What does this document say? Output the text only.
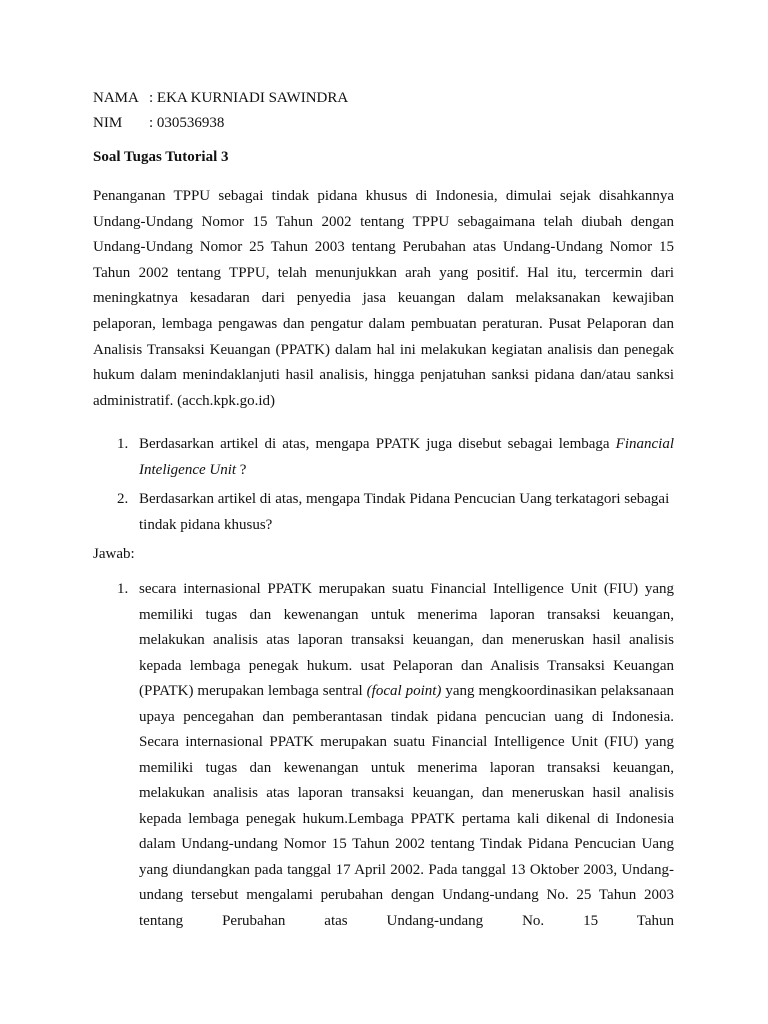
NAMA : EKA KURNIADI SAWINDRA
NIM	: 030536938
Soal Tugas Tutorial 3

Penanganan TPPU sebagai tindak pidana khusus di Indonesia, dimulai sejak disahkannya Undang-Undang Nomor 15 Tahun 2002 tentang TPPU sebagaimana telah diubah dengan Undang-Undang Nomor 25 Tahun 2003 tentang Perubahan atas Undang-Undang Nomor 15 Tahun 2002 tentang TPPU, telah menunjukkan arah yang positif. Hal itu, tercermin dari meningkatnya kesadaran dari penyedia jasa keuangan dalam melaksanakan kewajiban pelaporan, lembaga pengawas dan pengatur dalam pembuatan peraturan. Pusat Pelaporan dan Analisis Transaksi Keuangan (PPATK) dalam hal ini melakukan kegiatan analisis dan penegak hukum dalam menindaklanjuti hasil analisis, hingga penjatuhan sanksi pidana dan/atau sanksi administratif. (acch.kpk.go.id)

1. Berdasarkan artikel di atas, mengapa PPATK juga disebut sebagai lembaga Financial Inteligence Unit ?
2. Berdasarkan artikel di atas, mengapa Tindak Pidana Pencucian Uang terkatagori sebagai tindak pidana khusus?
Jawab:
1. secara internasional PPATK merupakan suatu Financial Intelligence Unit (FIU) yang memiliki tugas dan kewenangan untuk menerima laporan transaksi keuangan, melakukan analisis atas laporan transaksi keuangan, dan meneruskan hasil analisis kepada lembaga penegak hukum. usat Pelaporan dan Analisis Transaksi Keuangan (PPATK) merupakan lembaga sentral (focal point) yang mengkoordinasikan pelaksanaan upaya pencegahan dan pemberantasan tindak pidana pencucian uang di Indonesia. Secara internasional PPATK merupakan suatu Financial Intelligence Unit (FIU) yang memiliki tugas dan kewenangan untuk menerima laporan transaksi keuangan, melakukan analisis atas laporan transaksi keuangan, dan meneruskan hasil analisis kepada lembaga penegak hukum.Lembaga PPATK pertama kali dikenal di Indonesia dalam Undang-undang Nomor 15 Tahun 2002 tentang Tindak Pidana Pencucian Uang yang diundangkan pada tanggal 17 April 2002. Pada tanggal 13 Oktober 2003, Undang-undang tersebut mengalami perubahan dengan Undang-undang No. 25 Tahun 2003 tentang Perubahan atas Undang-undang No. 15 Tahun
